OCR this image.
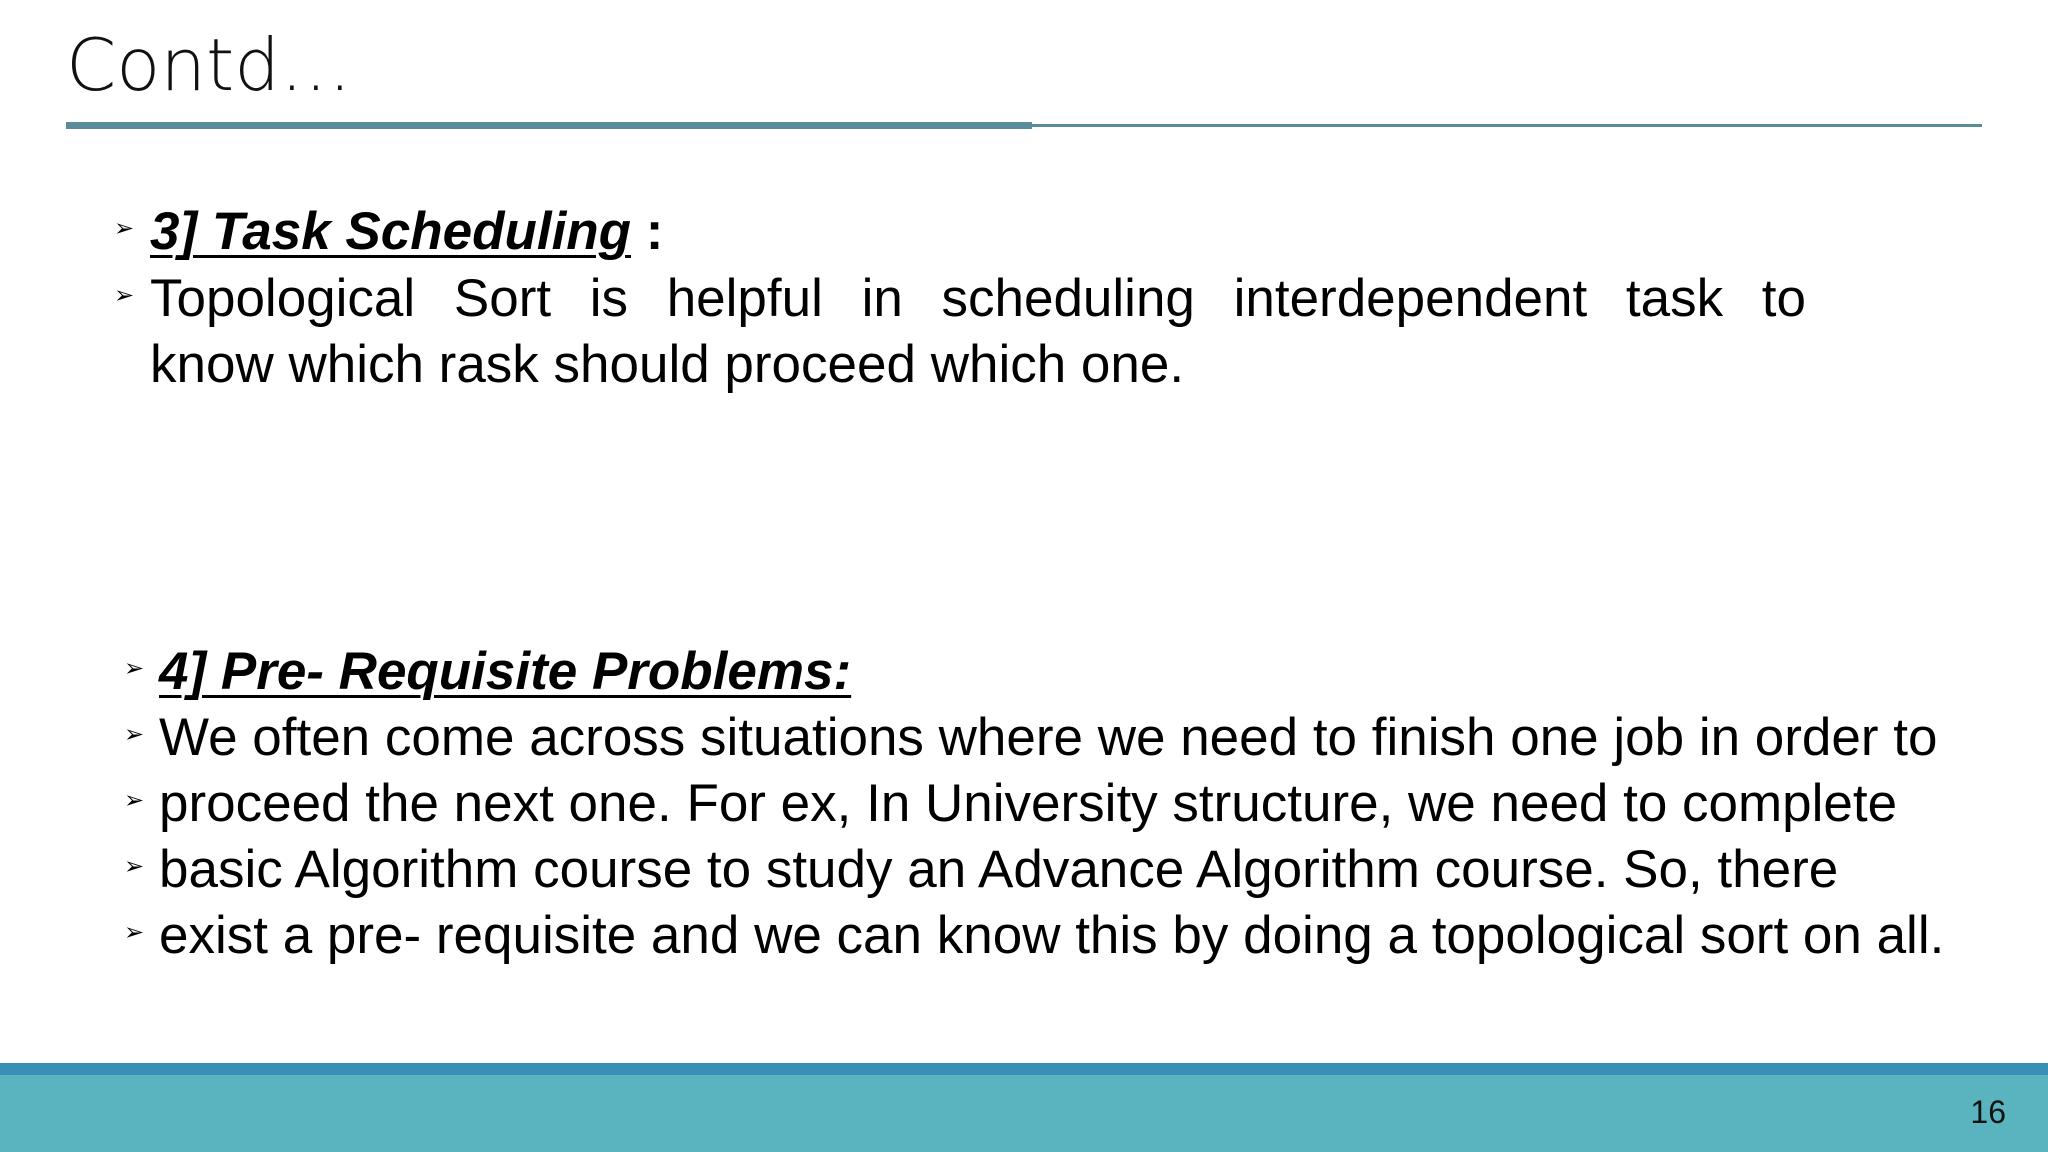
Contd…
➢ 3] Task Scheduling :
➢ Topological Sort is helpful in scheduling interdependent task to
know which rask should proceed which one.
➢ 4] Pre- Requisite Problems:
➢ We often come across situations where we need to finish one job in order to
➢ proceed the next one. For ex, In University structure, we need to complete
➢ basic Algorithm course to study an Advance Algorithm course. So, there
➢ exist a pre- requisite and we can know this by doing a topological sort on all.
16
